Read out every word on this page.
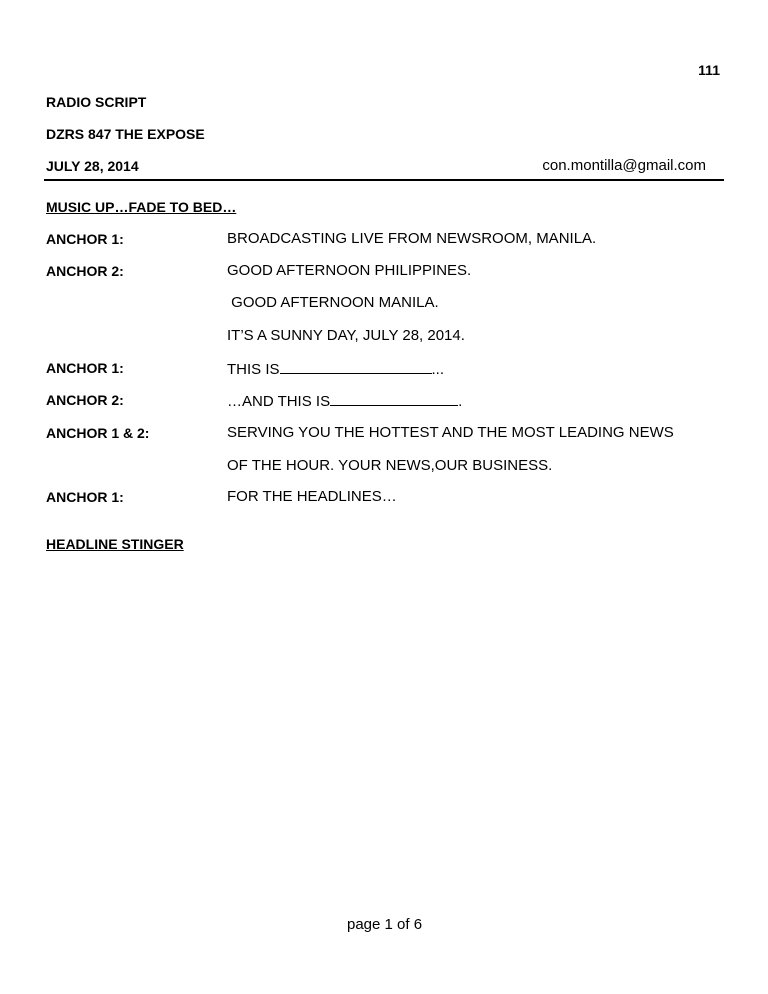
111
RADIO SCRIPT
DZRS 847 THE EXPOSE
JULY 28, 2014	con.montilla@gmail.com
MUSIC UP…FADE TO BED…
ANCHOR 1:	BROADCASTING LIVE FROM NEWSROOM, MANILA.
ANCHOR 2:	GOOD AFTERNOON PHILIPPINES.
GOOD AFTERNOON MANILA.
IT’S A SUNNY DAY, JULY 28, 2014.
ANCHOR 1:	THIS IS	...
ANCHOR 2:	…AND THIS IS	.
ANCHOR 1 & 2:	SERVING YOU THE HOTTEST AND THE MOST LEADING NEWS
OF THE HOUR. YOUR NEWS,OUR BUSINESS.
ANCHOR 1:	FOR THE HEADLINES…
HEADLINE STINGER
page 1 of 6
